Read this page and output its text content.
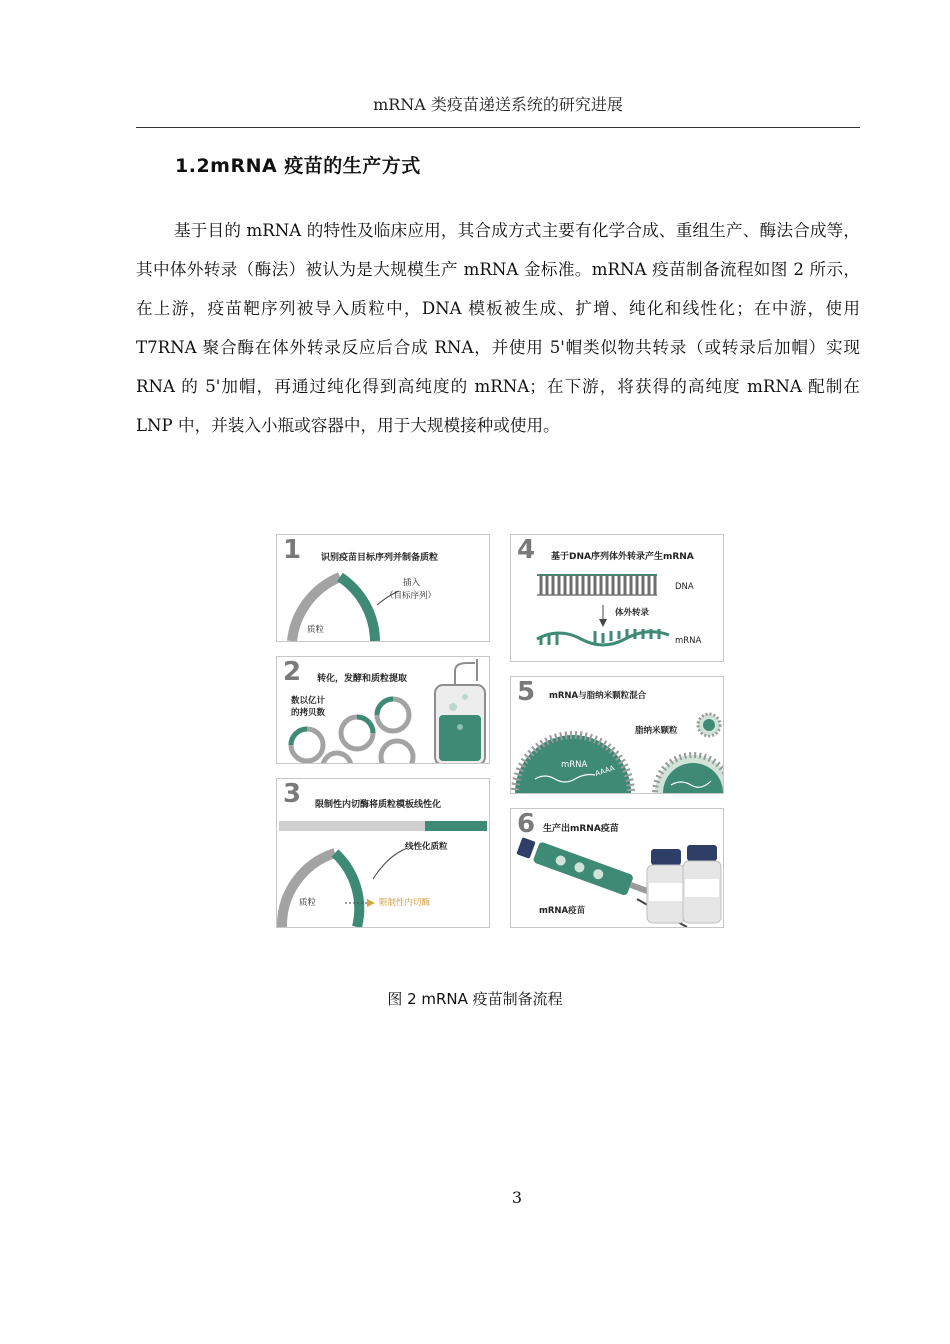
mRNA 类疫苗递送系统的研究进展
1.2mRNA 疫苗的生产方式

基于目的 mRNA 的特性及临床应用，其合成方式主要有化学合成、重组生产、酶法合成等，其中体外转录（酶法）被认为是大规模生产 mRNA 金标准。mRNA 疫苗制备流程如图 2 所示，在上游，疫苗靶序列被导入质粒中，DNA 模板被生成、扩增、纯化和线性化；在中游，使用 T7RNA 聚合酶在体外转录反应后合成 RNA，并使用 5'帽类似物共转录（或转录后加帽）实现 RNA 的 5'加帽，再通过纯化得到高纯度的 mRNA；在下游，将获得的高纯度 mRNA 配制在 LNP 中，并装入小瓶或容器中，用于大规模接种或使用。

1 识别疫苗目标序列并制备质粒
插入
（目标序列）
质粒
2 转化，发酵和质粒提取
数以亿计
的拷贝数
3 限制性内切酶将质粒模板线性化
线性化质粒
质粒	限制性内切酶
4 基于DNA序列体外转录产生mRNA
DNA
体外转录
mRNA
5 mRNA与脂纳米颗粒混合
脂纳米颗粒
mRNA AAAA
6 生产出mRNA疫苗
mRNA疫苗
图 2 mRNA 疫苗制备流程
3
